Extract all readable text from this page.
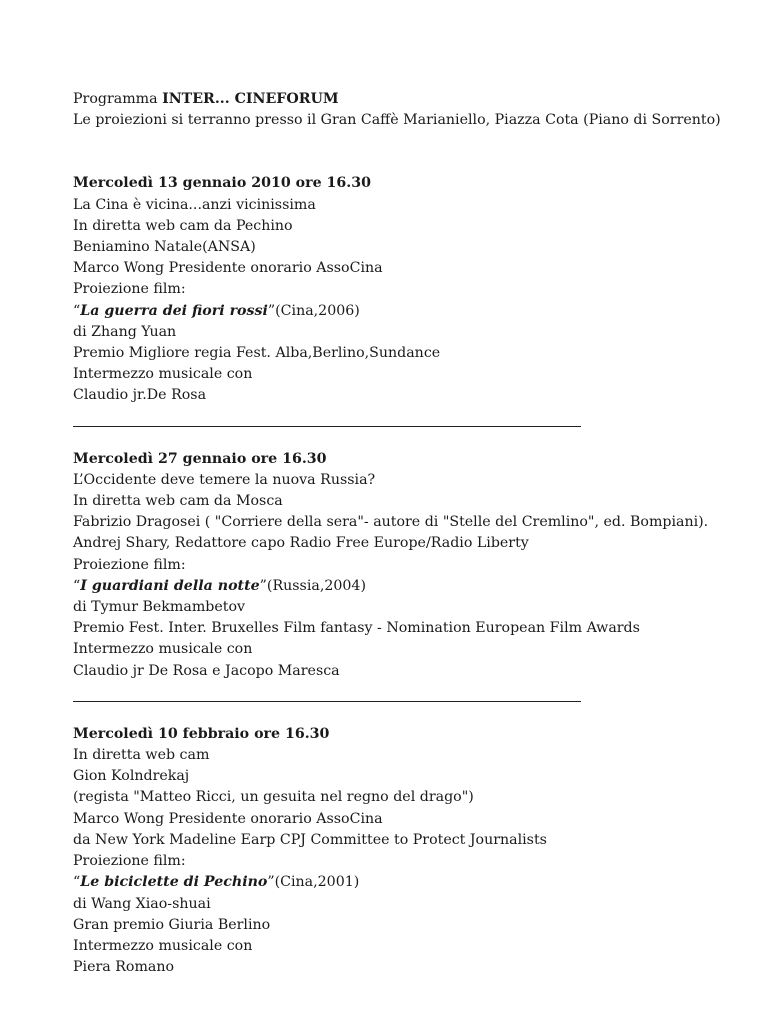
Programma INTER... CINEFORUM
Le proiezioni si terranno presso il Gran Caffè Marianiello, Piazza Cota (Piano di Sorrento)
Mercoledì 13 gennaio 2010 ore 16.30
La Cina è vicina...anzi vicinissima
In diretta web cam da Pechino
Beniamino Natale(ANSA)
Marco Wong Presidente onorario AssoCina
Proiezione film:
“La guerra dei fiori rossi”(Cina,2006)
di Zhang Yuan
Premio Migliore regia Fest. Alba,Berlino,Sundance
Intermezzo musicale con
Claudio jr.De Rosa
Mercoledì 27 gennaio ore 16.30
L’Occidente deve temere la nuova Russia?
In diretta web cam da Mosca
Fabrizio Dragosei ( "Corriere della sera"- autore di "Stelle del Cremlino", ed. Bompiani).
Andrej Shary, Redattore capo Radio Free Europe/Radio Liberty
Proiezione film:
“I guardiani della notte”(Russia,2004)
di Tymur Bekmambetov
Premio Fest. Inter. Bruxelles Film fantasy - Nomination European Film Awards
Intermezzo musicale con
Claudio jr De Rosa e Jacopo Maresca
Mercoledì 10 febbraio ore 16.30
In diretta web cam
Gion Kolndrekaj
(regista "Matteo Ricci, un gesuita nel regno del drago")
Marco Wong Presidente onorario AssoCina
da New York Madeline Earp CPJ Committee to Protect Journalists
Proiezione film:
“Le biciclette di Pechino”(Cina,2001)
di Wang Xiao-shuai
Gran premio Giuria Berlino
Intermezzo musicale con
Piera Romano
